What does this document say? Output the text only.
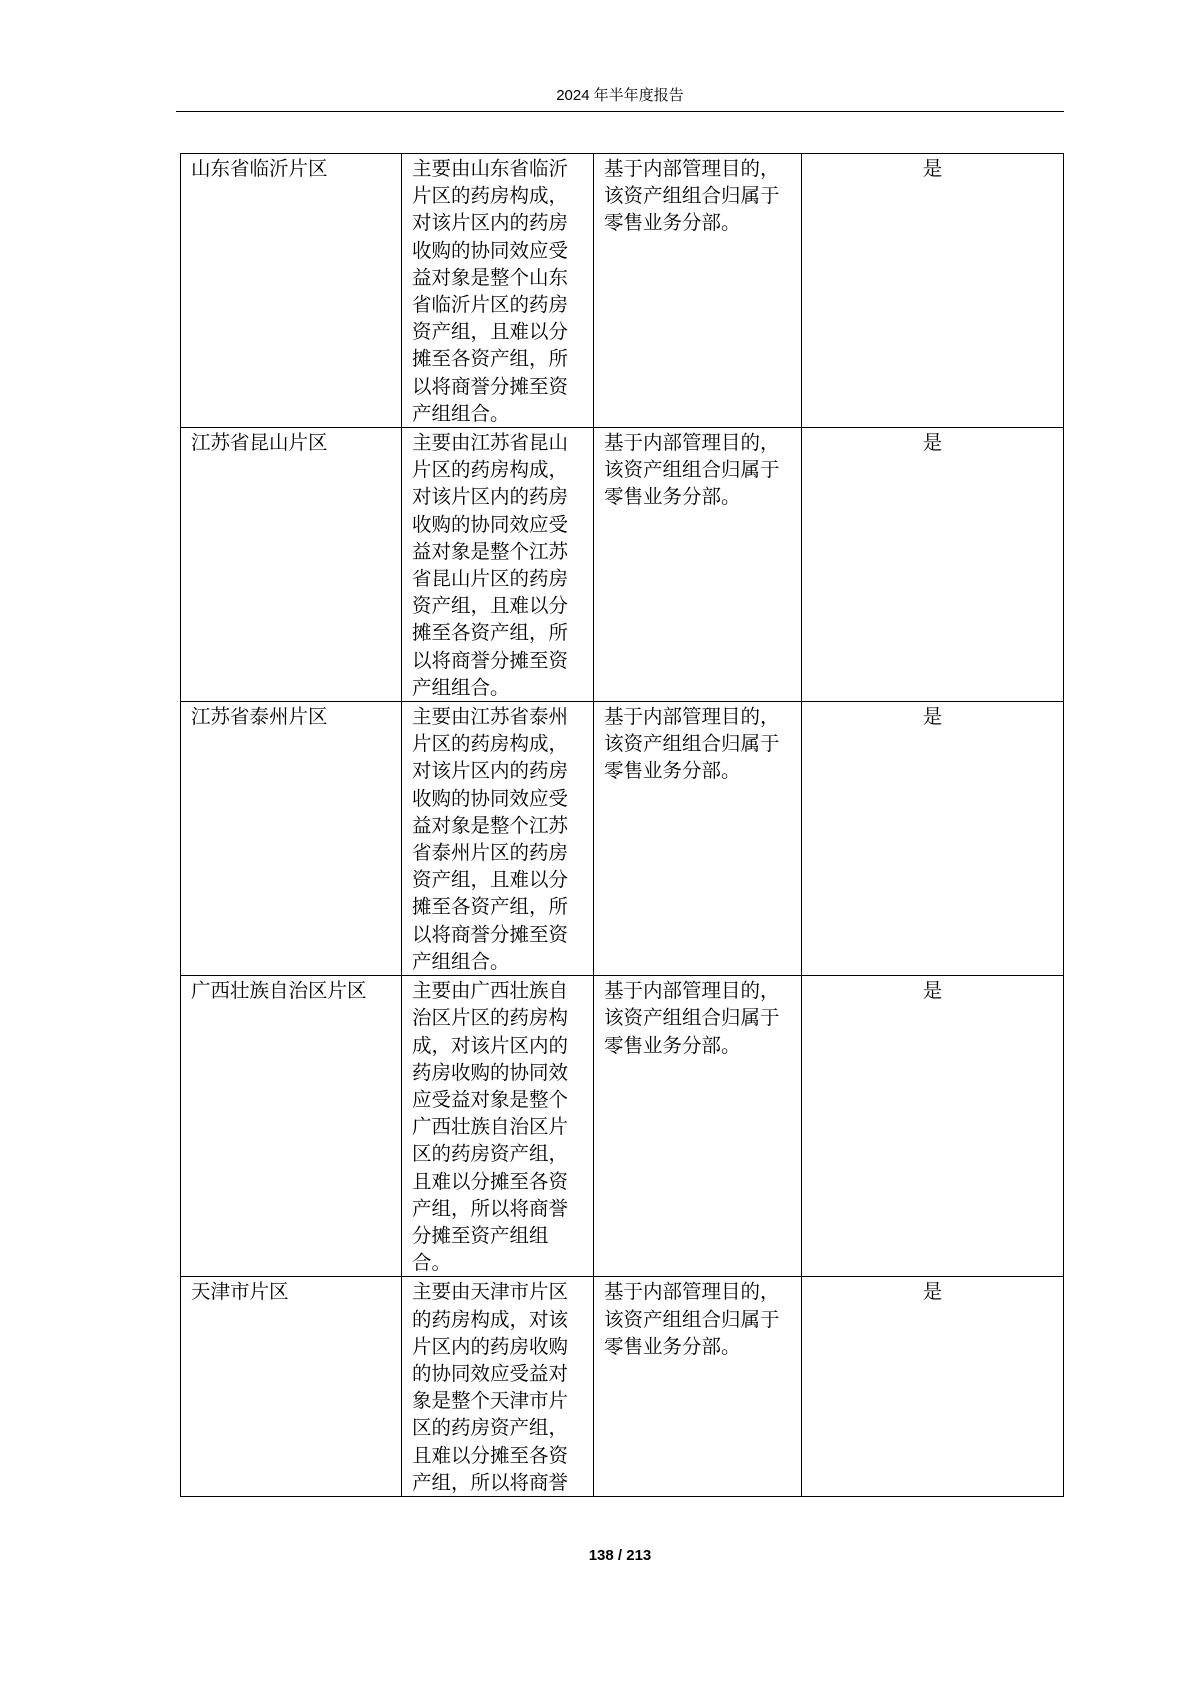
2024 年半年度报告
山东省临沂片区	主要由山东省临沂片区的药房构成，对该片区内的药房收购的协同效应受益对象是整个山东省临沂片区的药房资产组，且难以分摊至各资产组，所以将商誉分摊至资产组组合。	基于内部管理目的，该资产组组合归属于零售业务分部。	是
江苏省昆山片区	主要由江苏省昆山片区的药房构成，对该片区内的药房收购的协同效应受益对象是整个江苏省昆山片区的药房资产组，且难以分摊至各资产组，所以将商誉分摊至资产组组合。	基于内部管理目的，该资产组组合归属于零售业务分部。	是
江苏省泰州片区	主要由江苏省泰州片区的药房构成，对该片区内的药房收购的协同效应受益对象是整个江苏省泰州片区的药房资产组，且难以分摊至各资产组，所以将商誉分摊至资产组组合。	基于内部管理目的，该资产组组合归属于零售业务分部。	是
广西壮族自治区片区	主要由广西壮族自治区片区的药房构成，对该片区内的药房收购的协同效应受益对象是整个广西壮族自治区片区的药房资产组，且难以分摊至各资产组，所以将商誉分摊至资产组组合。	基于内部管理目的，该资产组组合归属于零售业务分部。	是
天津市片区	主要由天津市片区的药房构成，对该片区内的药房收购的协同效应受益对象是整个天津市片区的药房资产组，且难以分摊至各资产组，所以将商誉	基于内部管理目的，该资产组组合归属于零售业务分部。	是
138 / 213
